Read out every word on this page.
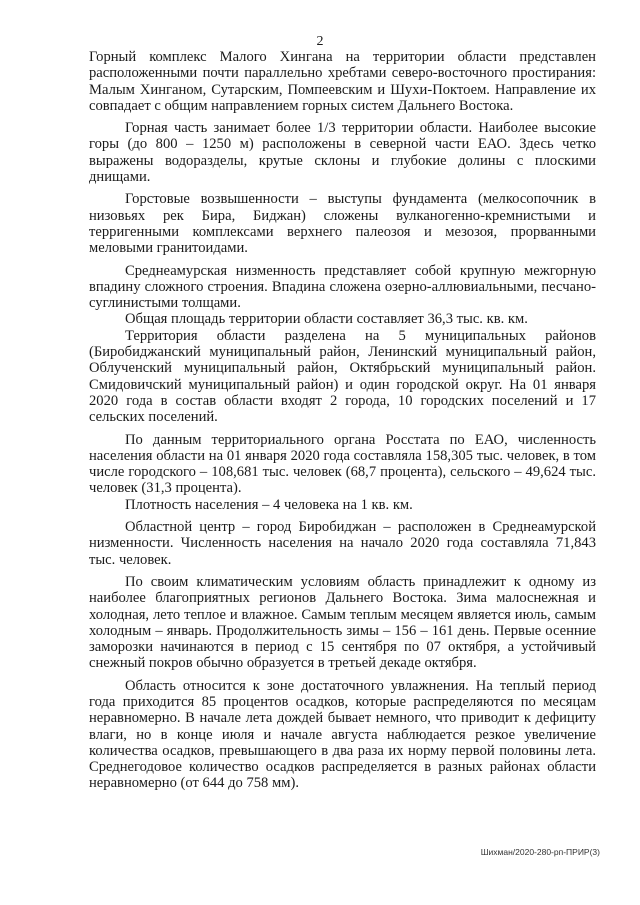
2

Горный комплекс Малого Хингана на территории области представлен расположенными почти параллельно хребтами северо-восточного простирания: Малым Хинганом, Сутарским, Помпеевским и Шухи-Поктоем. Направление их совпадает с общим направлением горных систем Дальнего Востока.

Горная часть занимает более 1/3 территории области. Наиболее высокие горы (до 800 – 1250 м) расположены в северной части ЕАО. Здесь четко выражены водоразделы, крутые склоны и глубокие долины с плоскими днищами.

Горстовые возвышенности – выступы фундамента (мелкосопочник в низовьях рек Бира, Биджан) сложены вулканогенно-кремнистыми и терригенными комплексами верхнего палеозоя и мезозоя, прорванными меловыми гранитоидами.

Среднеамурская низменность представляет собой крупную межгорную впадину сложного строения. Впадина сложена озерно-аллювиальными, песчано-суглинистыми толщами.

Общая площадь территории области составляет 36,3 тыс. кв. км.

Территория области разделена на 5 муниципальных районов (Биробиджанский муниципальный район, Ленинский муниципальный район, Облученский муниципальный район, Октябрьский муниципальный район. Смидовичский муниципальный район) и один городской округ. На 01 января 2020 года в состав области входят 2 города, 10 городских поселений и 17 сельских поселений.

По данным территориального органа Росстата по ЕАО, численность населения области на 01 января 2020 года составляла 158,305 тыс. человек, в том числе городского – 108,681 тыс. человек (68,7 процента), сельского – 49,624 тыс. человек (31,3 процента).

Плотность населения – 4 человека на 1 кв. км.

Областной центр – город Биробиджан – расположен в Среднеамурской низменности. Численность населения на начало 2020 года составляла 71,843 тыс. человек.

По своим климатическим условиям область принадлежит к одному из наиболее благоприятных регионов Дальнего Востока. Зима малоснежная и холодная, лето теплое и влажное. Самым теплым месяцем является июль, самым холодным – январь. Продолжительность зимы – 156 – 161 день. Первые осенние заморозки начинаются в период с 15 сентября по 07 октября, а устойчивый снежный покров обычно образуется в третьей декаде октября.

Область относится к зоне достаточного увлажнения. На теплый период года приходится 85 процентов осадков, которые распределяются по месяцам неравномерно. В начале лета дождей бывает немного, что приводит к дефициту влаги, но в конце июля и начале августа наблюдается резкое увеличение количества осадков, превышающего в два раза их норму первой половины лета. Среднегодовое количество осадков распределяется в разных районах области неравномерно (от 644 до 758 мм).

Шихман/2020-280-рп-ПРИР(3)
